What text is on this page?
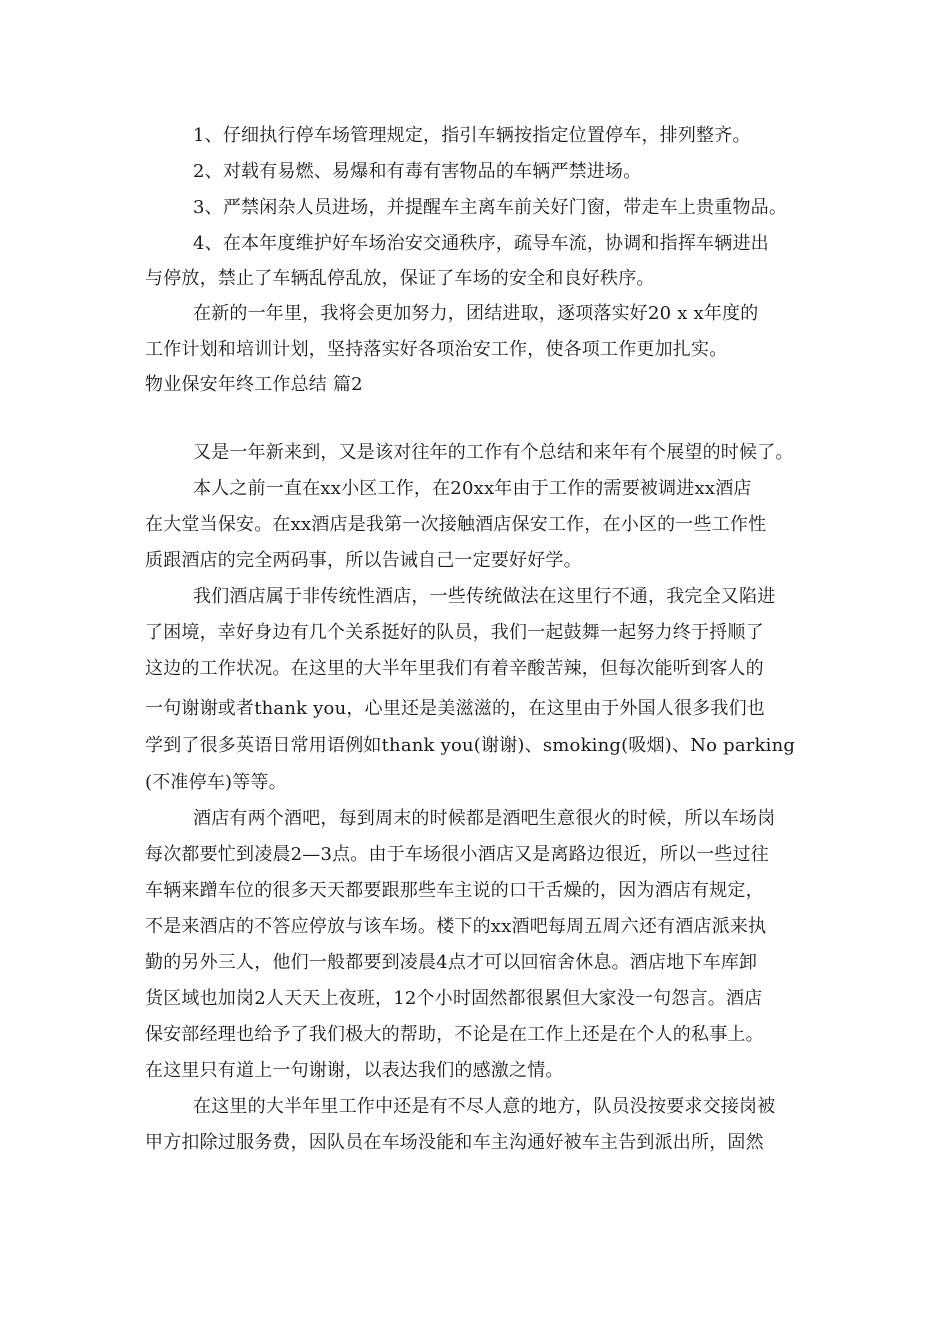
1、仔细执行停车场管理规定，指引车辆按指定位置停车，排列整齐。
2、对载有易燃、易爆和有毒有害物品的车辆严禁进场。
3、严禁闲杂人员进场，并提醒车主离车前关好门窗，带走车上贵重物品。
4、在本年度维护好车场治安交通秩序，疏导车流，协调和指挥车辆进出
与停放，禁止了车辆乱停乱放，保证了车场的安全和良好秩序。
在新的一年里，我将会更加努力，团结进取，逐项落实好20 x x年度的
工作计划和培训计划，坚持落实好各项治安工作，使各项工作更加扎实。
物业保安年终工作总结 篇2
又是一年新来到，又是该对往年的工作有个总结和来年有个展望的时候了。
本人之前一直在xx小区工作，在20xx年由于工作的需要被调进xx酒店
在大堂当保安。在xx酒店是我第一次接触酒店保安工作，在小区的一些工作性
质跟酒店的完全两码事，所以告诫自己一定要好好学。
我们酒店属于非传统性酒店，一些传统做法在这里行不通，我完全又陷进
了困境，幸好身边有几个关系挺好的队员，我们一起鼓舞一起努力终于捋顺了
这边的工作状况。在这里的大半年里我们有着辛酸苦辣，但每次能听到客人的
一句谢谢或者thank you，心里还是美滋滋的，在这里由于外国人很多我们也
学到了很多英语日常用语例如thank you(谢谢)、smoking(吸烟)、No parking
(不准停车)等等。
酒店有两个酒吧，每到周末的时候都是酒吧生意很火的时候，所以车场岗
每次都要忙到凌晨2—3点。由于车场很小酒店又是离路边很近，所以一些过往
车辆来蹭车位的很多天天都要跟那些车主说的口干舌燥的，因为酒店有规定，
不是来酒店的不答应停放与该车场。楼下的xx酒吧每周五周六还有酒店派来执
勤的另外三人，他们一般都要到凌晨4点才可以回宿舍休息。酒店地下车库卸
货区域也加岗2人天天上夜班，12个小时固然都很累但大家没一句怨言。酒店
保安部经理也给予了我们极大的帮助，不论是在工作上还是在个人的私事上。
在这里只有道上一句谢谢，以表达我们的感激之情。
在这里的大半年里工作中还是有不尽人意的地方，队员没按要求交接岗被
甲方扣除过服务费，因队员在车场没能和车主沟通好被车主告到派出所，固然
